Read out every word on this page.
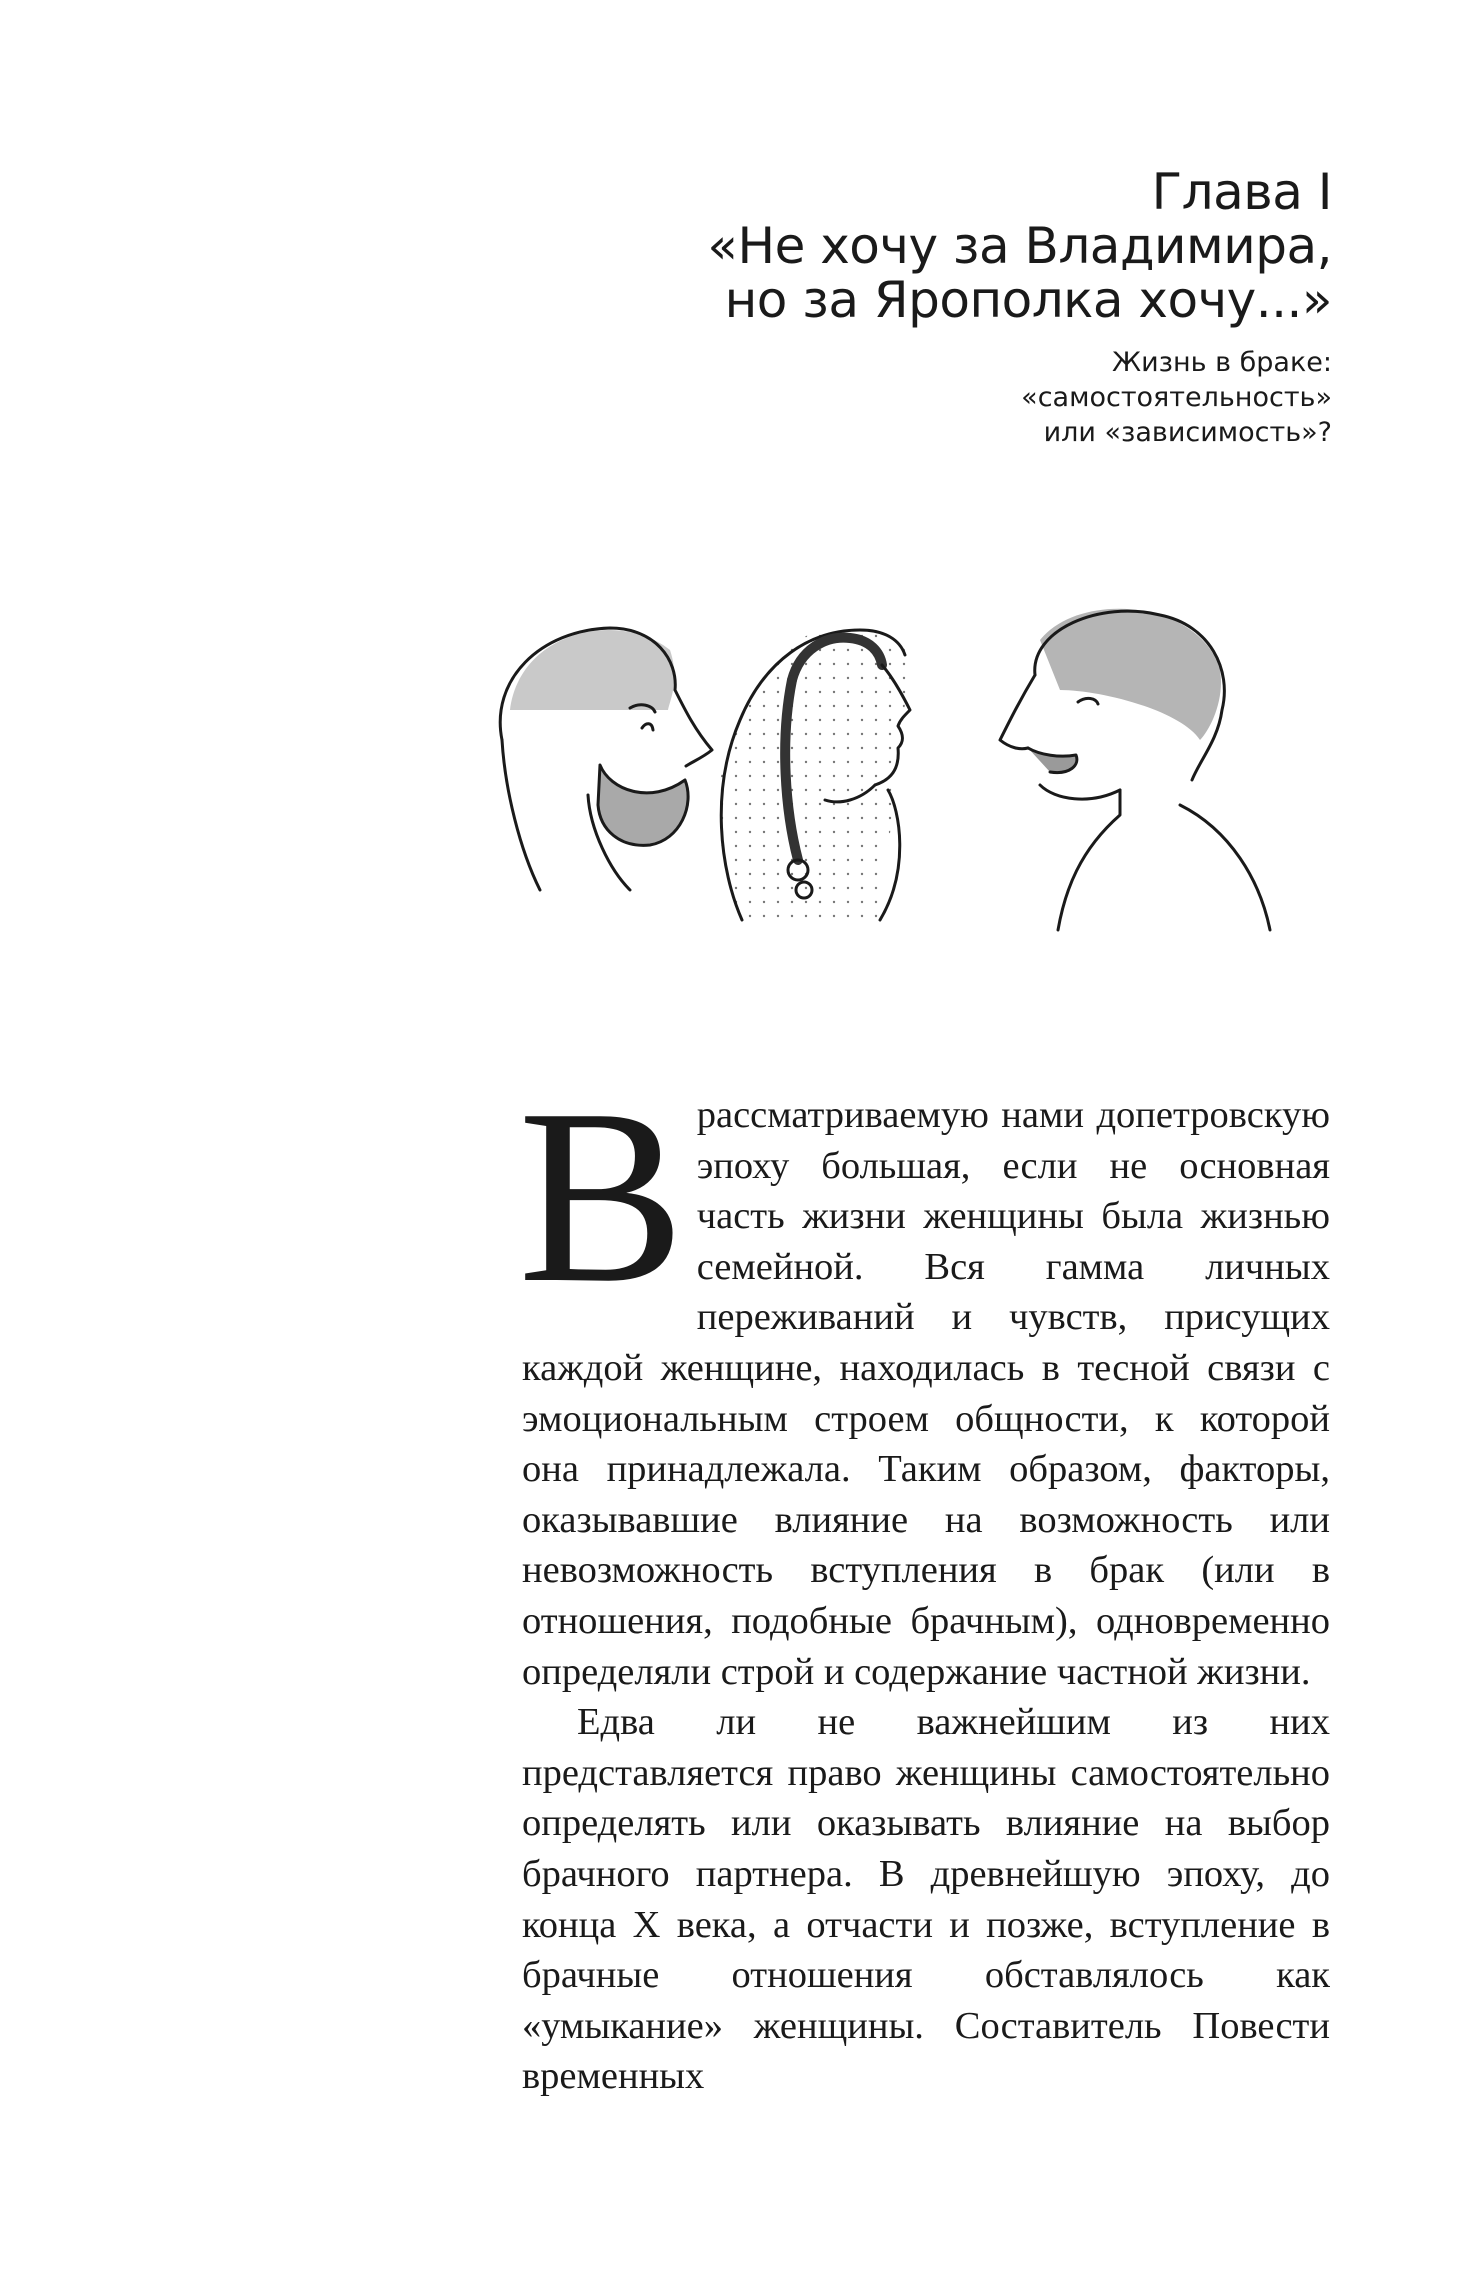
Глава I
«Не хочу за Владимира,
но за Ярополка хочу...»
Жизнь в браке:
«самостоятельность»
или «зависимость»?

В рассматриваемую нами допетровскую эпоху большая, если не основная часть жизни женщины была жизнью семейной. Вся гамма личных переживаний и чувств, присущих каждой женщине, находилась в тесной связи с эмоциональным строем общности, к которой она принадлежала. Таким образом, факторы, оказывавшие влияние на возможность или невозможность вступления в брак (или в отношения, подобные брачным), одновременно определяли строй и содержание частной жизни.

Едва ли не важнейшим из них представляется право женщины самостоятельно определять или оказывать влияние на выбор брачного партнера. В древнейшую эпоху, до конца X века, а отчасти и позже, вступление в брачные отношения обставлялось как «умыкание» женщины. Составитель Повести временных
